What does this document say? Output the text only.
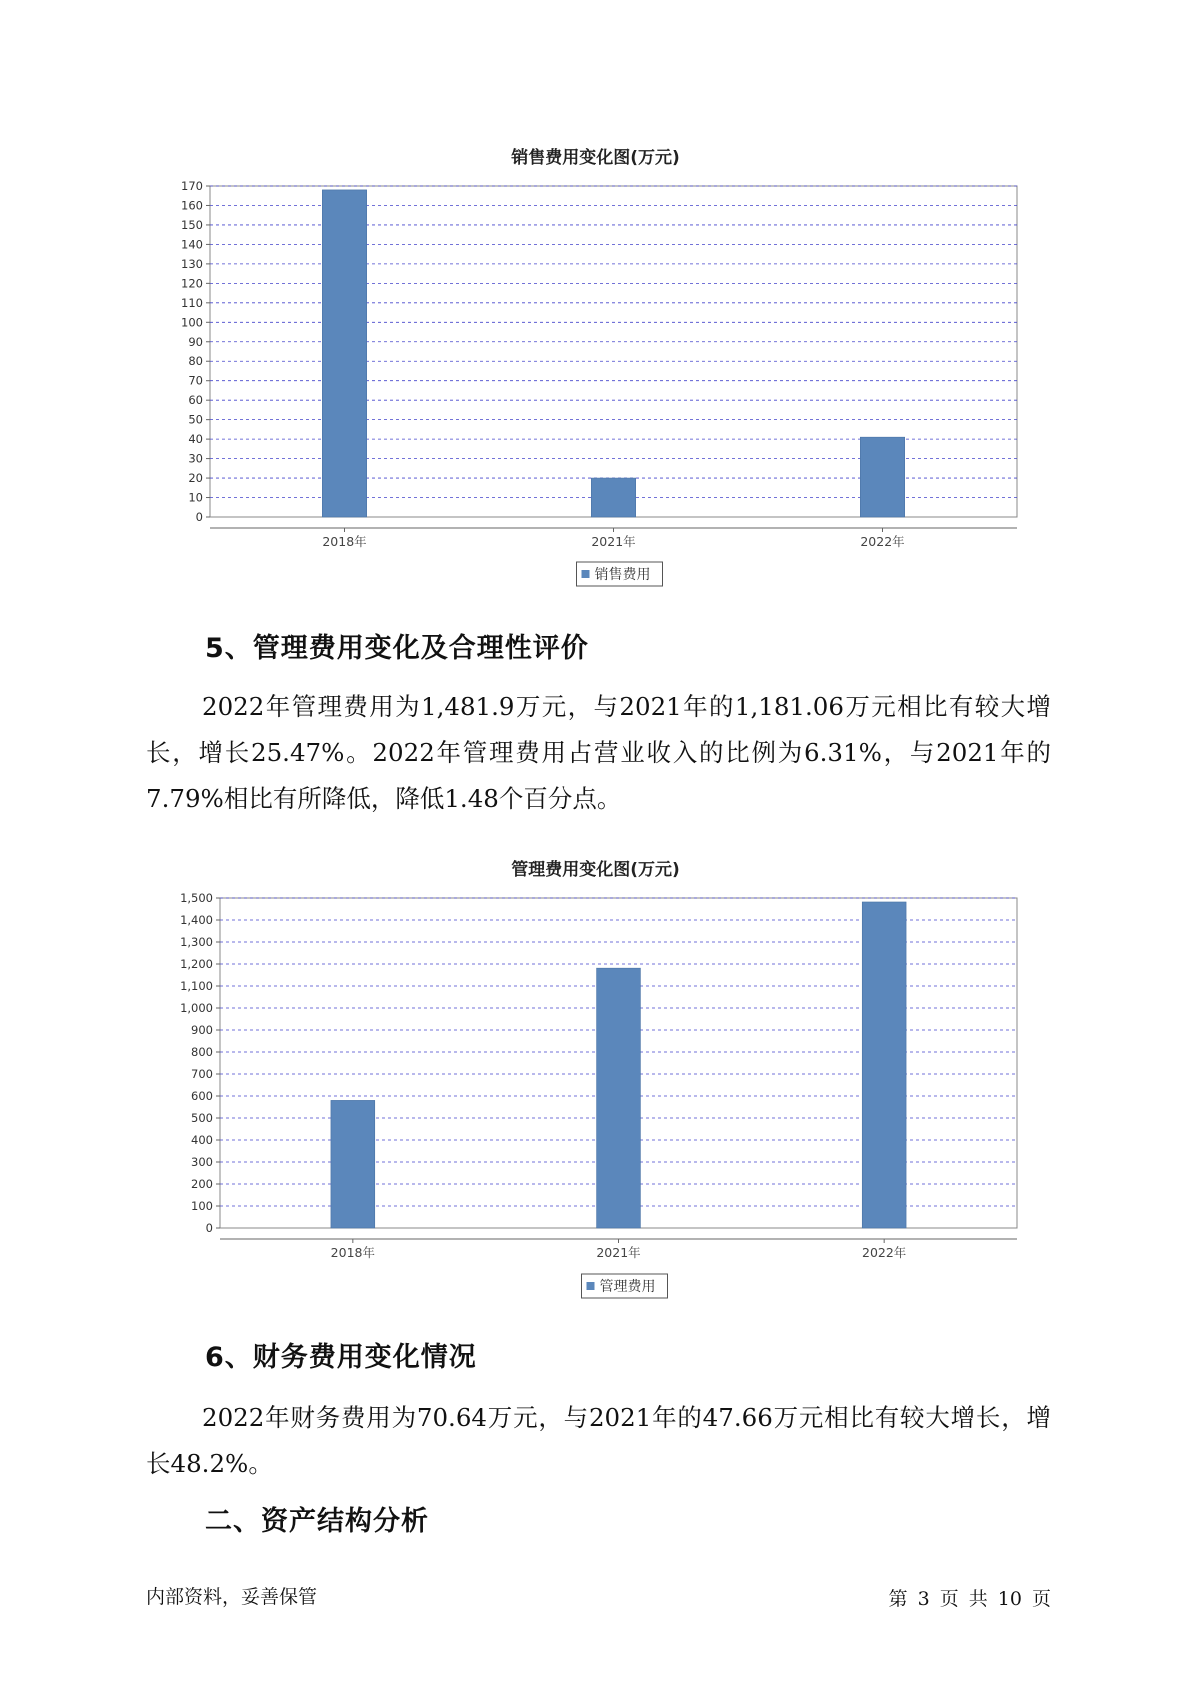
销售费用变化图(万元)
0
10
20
30
40
50
60
70
80
90
100
110
120
130
140
150
160
170
2018年	2021年	2022年
销售费用
5、管理费用变化及合理性评价
2022年管理费用为1,481.9万元，与2021年的1,181.06万元相比有较大增长，增长25.47%。2022年管理费用占营业收入的比例为6.31%，与2021年的7.79%相比有所降低，降低1.48个百分点。
管理费用变化图(万元)
0
100
200
300
400
500
600
700
800
900
1,000
1,100
1,200
1,300
1,400
1,500
2018年	2021年	2022年
管理费用
6、财务费用变化情况
2022年财务费用为70.64万元，与2021年的47.66万元相比有较大增长，增长48.2%。
二、资产结构分析
内部资料，妥善保管	第 3 页 共 10 页
